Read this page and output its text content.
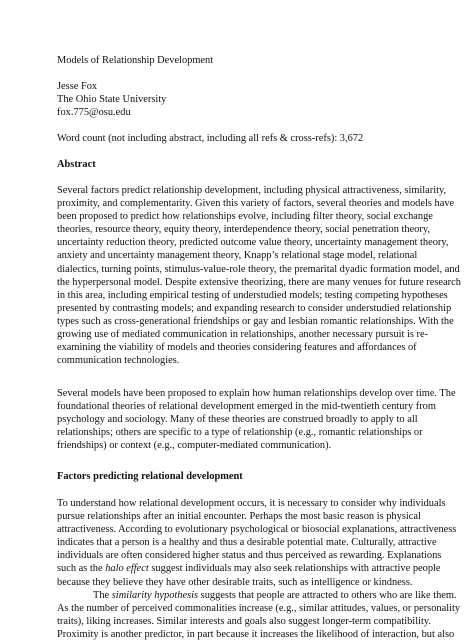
Models of Relationship Development

Jesse Fox
The Ohio State University
fox.775@osu.edu

Word count (not including abstract, including all refs & cross-refs): 3,672

Abstract

Several factors predict relationship development, including physical attractiveness, similarity,
proximity, and complementarity. Given this variety of factors, several theories and models have
been proposed to predict how relationships evolve, including filter theory, social exchange
theories, resource theory, equity theory, interdependence theory, social penetration theory,
uncertainty reduction theory, predicted outcome value theory, uncertainty management theory,
anxiety and uncertainty management theory, Knapp’s relational stage model, relational
dialectics, turning points, stimulus-value-role theory, the premarital dyadic formation model, and
the hyperpersonal model. Despite extensive theorizing, there are many venues for future research
in this area, including empirical testing of understudied models; testing competing hypotheses
presented by contrasting models; and expanding research to consider understudied relationship
types such as cross-generational friendships or gay and lesbian romantic relationships. With the
growing use of mediated communication in relationships, another necessary pursuit is re-
examining the viability of models and theories considering features and affordances of
communication technologies.

Several models have been proposed to explain how human relationships develop over time. The
foundational theories of relational development emerged in the mid-twentieth century from
psychology and sociology. Many of these theories are construed broadly to apply to all
relationships; others are specific to a type of relationship (e.g., romantic relationships or
friendships) or context (e.g., computer-mediated communication).

Factors predicting relational development

To understand how relational development occurs, it is necessary to consider why individuals
pursue relationships after an initial encounter. Perhaps the most basic reason is physical
attractiveness. According to evolutionary psychological or biosocial explanations, attractiveness
indicates that a person is a healthy and thus a desirable potential mate. Culturally, attractive
individuals are often considered higher status and thus perceived as rewarding. Explanations
such as the halo effect suggest individuals may also seek relationships with attractive people
because they believe they have other desirable traits, such as intelligence or kindness.

The similarity hypothesis suggests that people are attracted to others who are like them.
As the number of perceived commonalities increase (e.g., similar attitudes, values, or personality
traits), liking increases. Similar interests and goals also suggest longer-term compatibility.
Proximity is another predictor, in part because it increases the likelihood of interaction, but also
